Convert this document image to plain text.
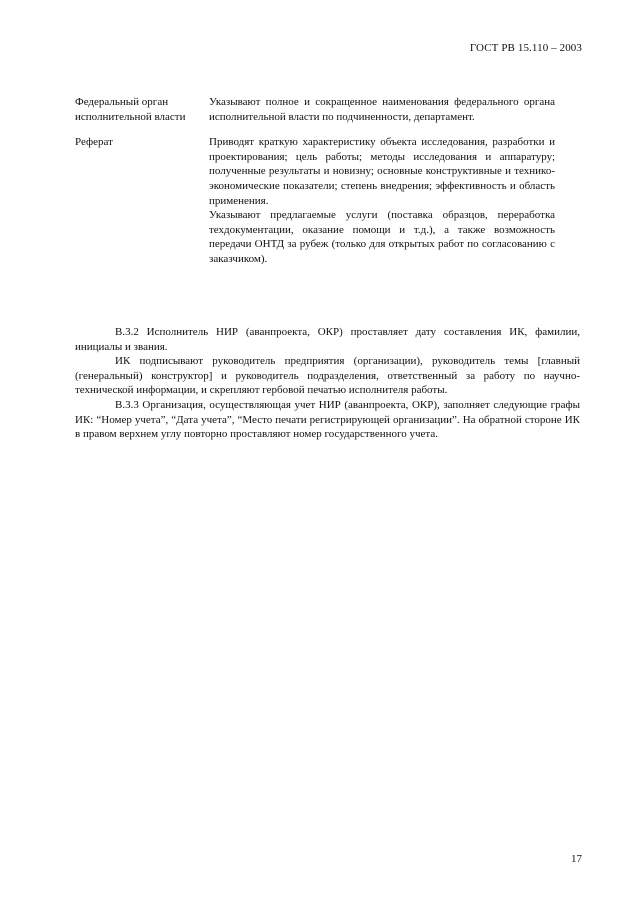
ГОСТ РВ 15.110 – 2003
Федеральный орган исполнительной власти

Указывают полное и сокращенное наименования федерального органа исполнительной власти по подчиненности, департамент.

Реферат	Приводят краткую характеристику объекта исследования, разработки и проектирования; цель работы; методы исследования и аппаратуру; полученные результаты и новизну; основные конструктивные и технико-экономические показатели; степень внедрения; эффективность и область применения.

Указывают предлагаемые услуги (поставка образцов, переработка техдокументации, оказание помощи и т.д.), а также возможность передачи ОНТД за рубеж (только для открытых работ по согласованию с заказчиком).

В.3.2 Исполнитель НИР (аванпроекта, ОКР) проставляет дату составления ИК, фамилии, инициалы и звания.

ИК подписывают руководитель предприятия (организации), руководитель темы [главный (генеральный) конструктор] и руководитель подразделения, ответственный за работу по научно-технической информации, и скрепляют гербовой печатью исполнителя работы.

В.3.3 Организация, осуществляющая учет НИР (аванпроекта, ОКР), заполняет следующие графы ИК: “Номер учета”, “Дата учета”, “Место печати регистрирующей организации”. На обратной стороне ИК в правом верхнем углу повторно проставляют номер государственного учета.

17
